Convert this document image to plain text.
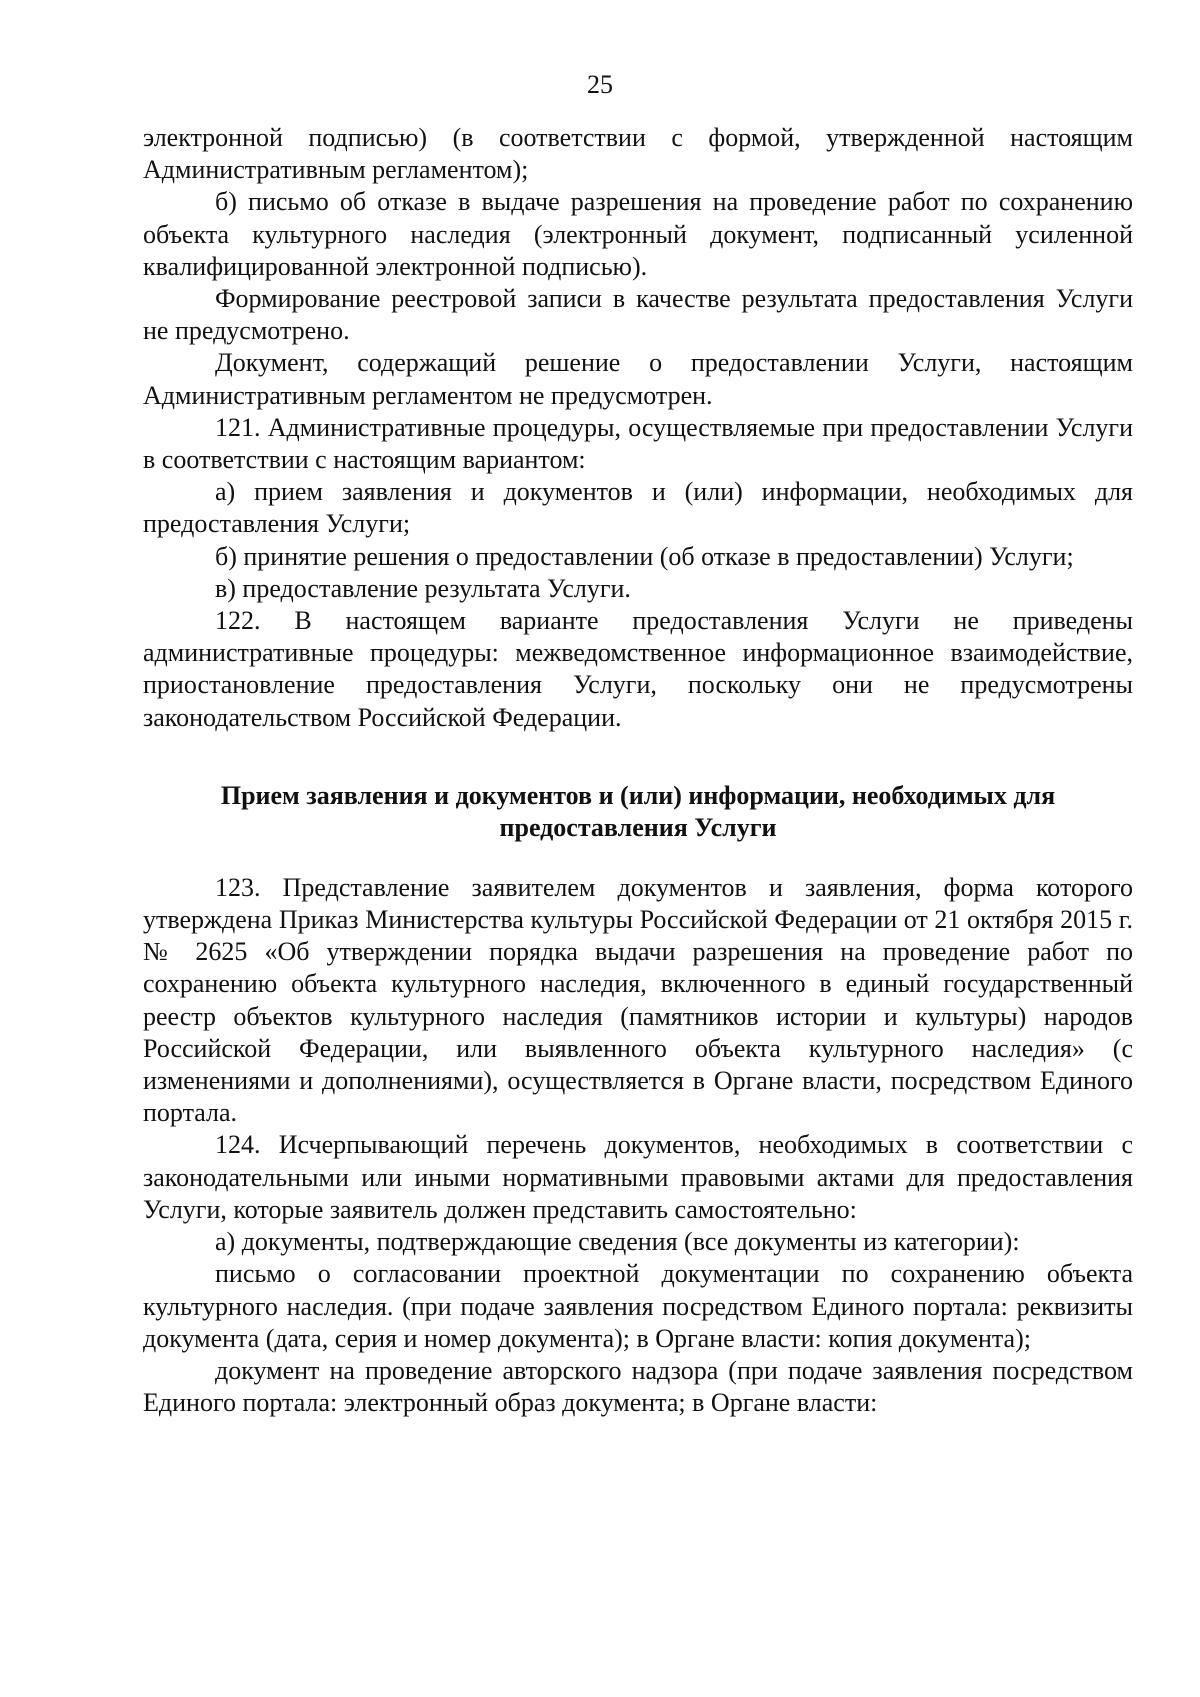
25

электронной подписью) (в соответствии с формой, утвержденной настоящим Административным регламентом);

б) письмо об отказе в выдаче разрешения на проведение работ по сохранению объекта культурного наследия (электронный документ, подписанный усиленной квалифицированной электронной подписью).

Формирование реестровой записи в качестве результата предоставления Услуги не предусмотрено.

Документ, содержащий решение о предоставлении Услуги, настоящим Административным регламентом не предусмотрен.

121. Административные процедуры, осуществляемые при предоставлении Услуги в соответствии с настоящим вариантом:

а) прием заявления и документов и (или) информации, необходимых для предоставления Услуги;

б) принятие решения о предоставлении (об отказе в предоставлении) Услуги;

в) предоставление результата Услуги.

122. В настоящем варианте предоставления Услуги не приведены административные процедуры: межведомственное информационное взаимодействие, приостановление предоставления Услуги, поскольку они не предусмотрены законодательством Российской Федерации.

Прием заявления и документов и (или) информации, необходимых для предоставления Услуги

123. Представление заявителем документов и заявления, форма которого утверждена Приказ Министерства культуры Российской Федерации от 21 октября 2015 г. № 2625 «Об утверждении порядка выдачи разрешения на проведение работ по сохранению объекта культурного наследия, включенного в единый государственный реестр объектов культурного наследия (памятников истории и культуры) народов Российской Федерации, или выявленного объекта культурного наследия» (с изменениями и дополнениями), осуществляется в Органе власти, посредством Единого портала.

124. Исчерпывающий перечень документов, необходимых в соответствии с законодательными или иными нормативными правовыми актами для предоставления Услуги, которые заявитель должен представить самостоятельно:

а) документы, подтверждающие сведения (все документы из категории):

письмо о согласовании проектной документации по сохранению объекта культурного наследия. (при подаче заявления посредством Единого портала: реквизиты документа (дата, серия и номер документа); в Органе власти: копия документа);

документ на проведение авторского надзора (при подаче заявления посредством Единого портала: электронный образ документа; в Органе власти:
